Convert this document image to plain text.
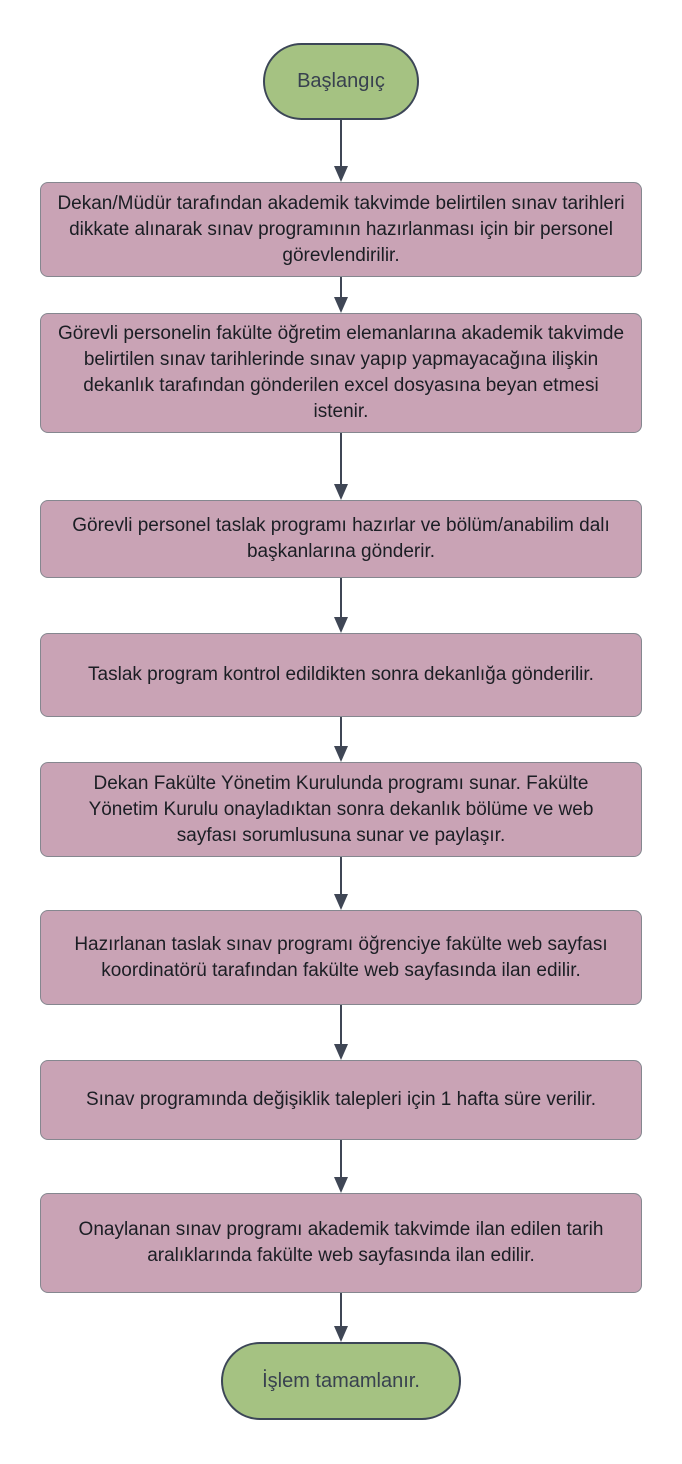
Başlangıç
Dekan/Müdür tarafından akademik takvimde belirtilen sınav tarihleri dikkate alınarak sınav programının hazırlanması için bir personel görevlendirilir.
Görevli personelin fakülte öğretim elemanlarına akademik takvimde belirtilen sınav tarihlerinde sınav yapıp yapmayacağına ilişkin dekanlık tarafından gönderilen excel dosyasına beyan etmesi istenir.
Görevli personel taslak programı hazırlar ve bölüm/anabilim dalı başkanlarına gönderir.
Taslak program kontrol edildikten sonra dekanlığa gönderilir.
Dekan Fakülte Yönetim Kurulunda programı sunar. Fakülte Yönetim Kurulu onayladıktan sonra dekanlık bölüme ve web sayfası sorumlusuna sunar ve paylaşır.
Hazırlanan taslak sınav programı öğrenciye fakülte web sayfası koordinatörü tarafından fakülte web sayfasında ilan edilir.
Sınav programında değişiklik talepleri için 1 hafta süre verilir.
Onaylanan sınav programı akademik takvimde ilan edilen tarih aralıklarında fakülte web sayfasında ilan edilir.
İşlem tamamlanır.
